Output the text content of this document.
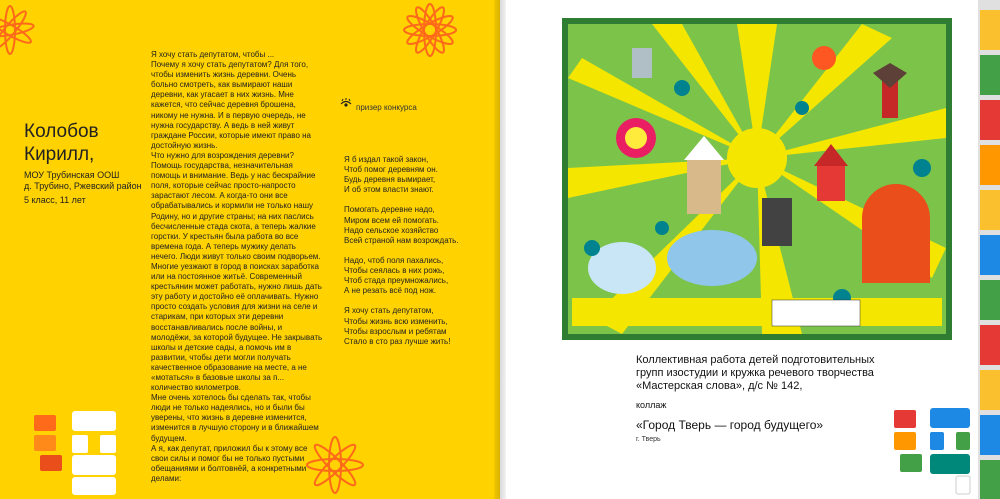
Колобов Кирилл,
МОУ Трубинская ООШ
д. Трубино, Ржевский район
5 класс, 11 лет
Я хочу стать депутатом, чтобы ...
Почему я хочу стать депутатом? Для того, чтобы изменить жизнь деревни. Очень больно смотреть, как вымирают наши деревни, как угасает в них жизнь. Мне кажется, что сейчас деревня брошена, никому не нужна. И в первую очередь, не нужна государству. А ведь в ней живут граждане России, которые имеют право на достойную жизнь.
Что нужно для возрождения деревни? Помощь государства, незначительная помощь и внимание. Ведь у нас бескрайние поля, которые сейчас просто-напросто зарастают лесом. А когда-то они все обрабатывались и кормили не только нашу Родину, но и другие страны; на них паслись бесчисленные стада скота, а теперь жалкие горстки. У крестьян была работа во все времена года. А теперь мужику делать нечего. Люди живут только своим подворьем. Многие уезжают в город в поисках заработка или на постоянное житьё. Современный крестьянин может работать, нужно лишь дать эту работу и достойно её оплачивать. Нужно просто создать условия для жизни на селе и старикам, при которых эти деревни восстанавливались после войны, и молодёжи, за которой будущее. Не закрывать школы и детские сады, а помочь им в развитии, чтобы дети могли получать качественное образование на месте, а не «мотаться» в базовые школы за п... количество километров.
Мне очень хотелось бы сделать так, чтобы люди не только надеялись, но и были бы уверены, что жизнь в деревне изменится, изменится в лучшую сторону и в ближайшем будущем.
А я, как депутат, приложил бы к этому все свои силы и помог бы не только пустыми обещаниями и болтовнёй, а конкретными делами:
призер конкурса
Я б издал такой закон,
Чтоб помог деревням он.
Будь деревня вымирает,
И об этом власти знают.

Помогать деревне надо,
Миром всем ей помогать.
Надо сельское хозяйство
Всей страной нам возрождать.

Надо, чтоб поля пахались,
Чтобы сеялась в них рожь,
Чтоб стада преумножались,
А не резать всё под нож.

Я хочу стать депутатом,
Чтобы жизнь всю изменить,
Чтобы взрослым и ребятам
Стало в сто раз лучше жить!
Коллективная работа детей подготовительных
групп изостудии и кружка речевого творчества
«Мастерская слова», д/с № 142,
коллаж
«Город Тверь — город будущего»
г. Тверь
